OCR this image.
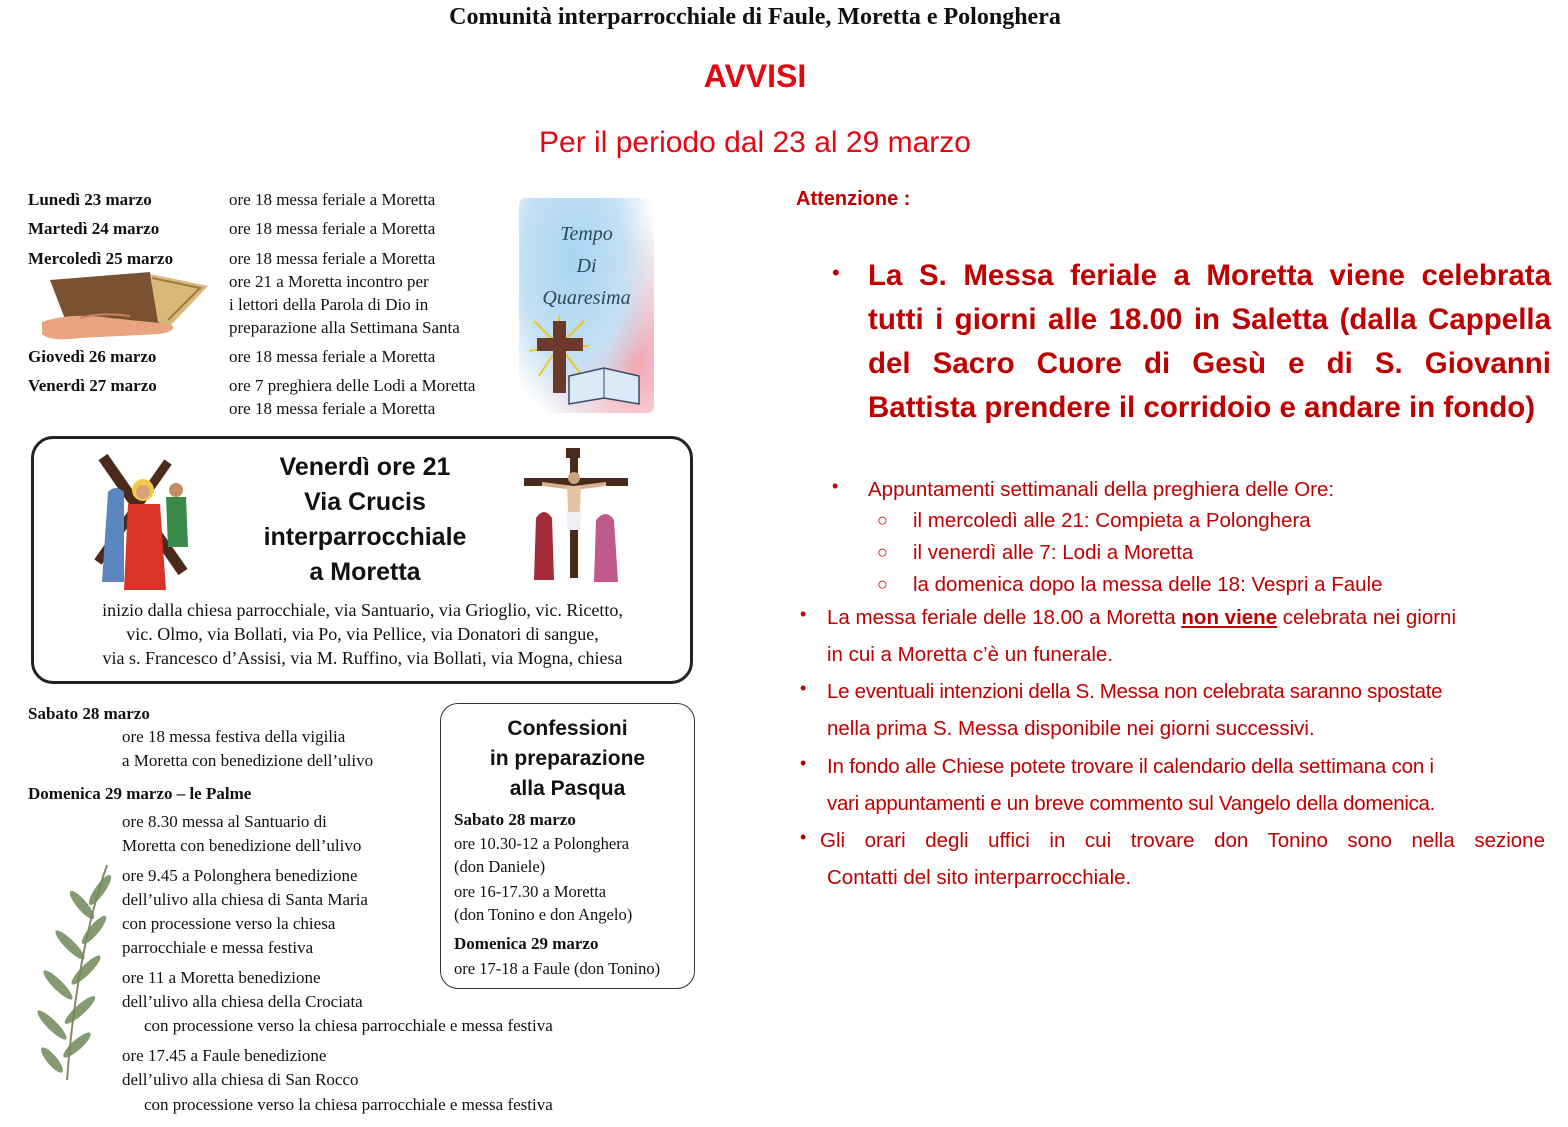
Comunità interparrocchiale di Faule, Moretta e Polonghera
AVVISI
Per il periodo dal 23 al 29 marzo
Lunedì 23 marzo	ore 18 messa feriale a Moretta
Martedì 24 marzo	ore 18 messa feriale a Moretta
Mercoledì 25 marzo	ore 18 messa feriale a Moretta
ore 21 a Moretta incontro per
i lettori della Parola di Dio in
preparazione alla Settimana Santa
Giovedì 26 marzo	ore 18 messa feriale a Moretta
Venerdì 27 marzo	ore 7 preghiera delle Lodi a Moretta
ore 18 messa feriale a Moretta
Tempo
Di
Quaresima
Venerdì ore 21
Via Crucis
interparrocchiale
a Moretta
inizio dalla chiesa parrocchiale, via Santuario, via Grioglio, vic. Ricetto,
vic. Olmo, via Bollati, via Po, via Pellice, via Donatori di sangue,
via s. Francesco d’Assisi, via M. Ruffino, via Bollati, via Mogna, chiesa
Sabato 28 marzo
ore 18 messa festiva della vigilia
a Moretta con benedizione dell’ulivo
Domenica 29 marzo – le Palme
ore 8.30 messa al Santuario di
Moretta con benedizione dell’ulivo
ore 9.45 a Polonghera benedizione
dell’ulivo alla chiesa di Santa Maria
con processione verso la chiesa
parrocchiale e messa festiva
ore 11 a Moretta benedizione
dell’ulivo alla chiesa della Crociata
con processione verso la chiesa parrocchiale e messa festiva
ore 17.45 a Faule benedizione
dell’ulivo alla chiesa di San Rocco
con processione verso la chiesa parrocchiale e messa festiva
Confessioni
in preparazione
alla Pasqua
Sabato 28 marzo
ore 10.30-12 a Polonghera
(don Daniele)
ore 16-17.30 a Moretta
(don Tonino e don Angelo)
Domenica 29 marzo
ore 17-18 a Faule (don Tonino)
Attenzione :
• La S. Messa feriale a Moretta viene celebrata tutti i giorni alle 18.00 in Saletta (dalla Cappella del Sacro Cuore di Gesù e di S. Giovanni Battista prendere il corridoio e andare in fondo)
• Appuntamenti settimanali della preghiera delle Ore:
○ il mercoledì alle 21: Compieta a Polonghera
○ il venerdì alle 7: Lodi a Moretta
○ la domenica dopo la messa delle 18: Vespri a Faule
• La messa feriale delle 18.00 a Moretta non viene celebrata nei giorni
in cui a Moretta c’è un funerale.
• Le eventuali intenzioni della S. Messa non celebrata saranno spostate
nella prima S. Messa disponibile nei giorni successivi.
• In fondo alle Chiese potete trovare il calendario della settimana con i
vari appuntamenti e un breve commento sul Vangelo della domenica.
• Gli orari degli uffici in cui trovare don Tonino sono nella sezione
Contatti del sito interparrocchiale.
